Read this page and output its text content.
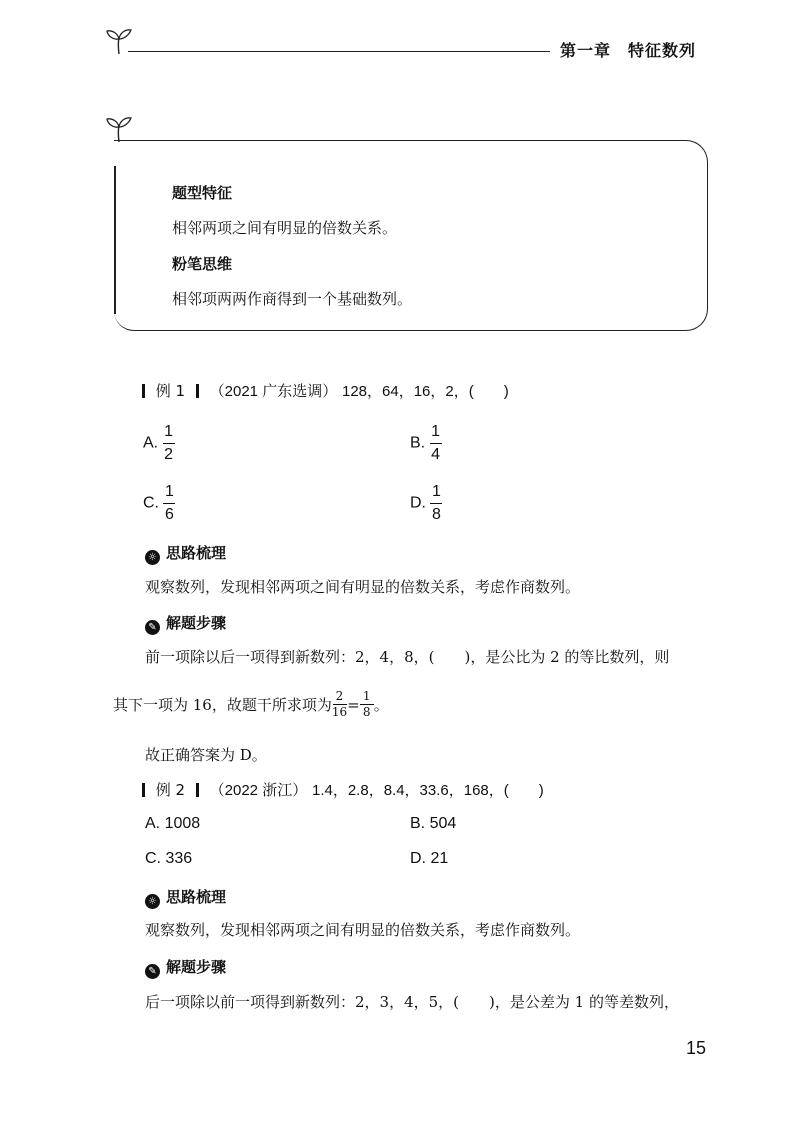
第一章　特征数列
题型特征
相邻两项之间有明显的倍数关系。
粉笔思维
相邻项两两作商得到一个基础数列。
例 1 （2021 广东选调） 128，64，16，2，(　　)
A. $\frac{1}{2}$	B. $\frac{1}{4}$
C. $\frac{1}{6}$	D. $\frac{1}{8}$
☼ 思路梳理
观察数列，发现相邻两项之间有明显的倍数关系，考虑作商数列。
✎ 解题步骤
前一项除以后一项得到新数列：2，4，8，(　　)，是公比为 2 的等比数列，则
其下一项为 16，故题干所求项为 2
16 = 1
8 。
故正确答案为 D。
例 2 （2022 浙江） 1.4，2.8，8.4，33.6，168，(　　)
A. 1008	B. 504
C. 336	D. 21
☼ 思路梳理
观察数列，发现相邻两项之间有明显的倍数关系，考虑作商数列。
✎ 解题步骤
后一项除以前一项得到新数列：2，3，4，5，(　　)，是公差为 1 的等差数列，
15
